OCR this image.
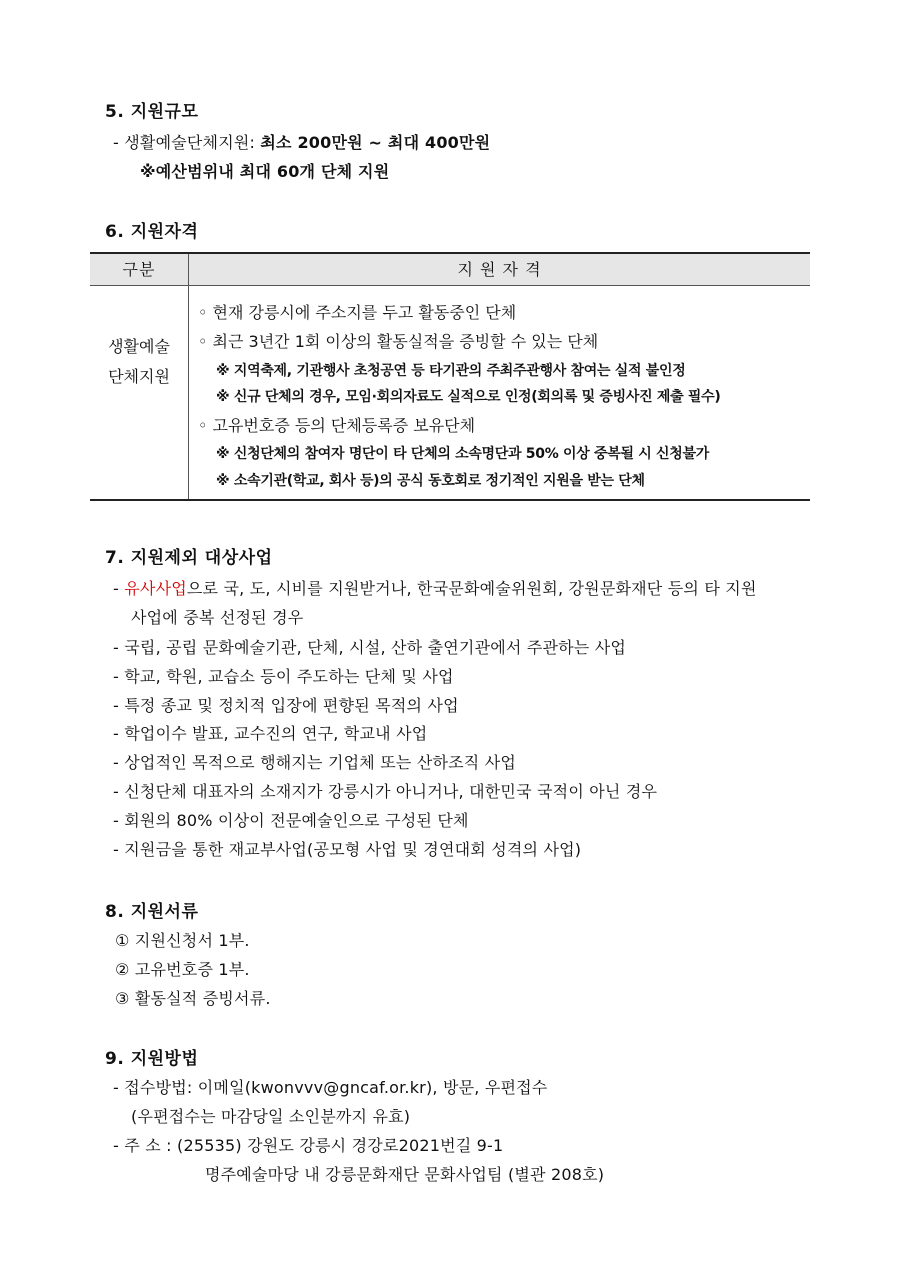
5. 지원규모
- 생활예술단체지원: 최소 200만원 ~ 최대 400만원
※예산범위내 최대 60개 단체 지원
6. 지원자격
구분	지 원 자 격
생활예술
단체지원
◦ 현재 강릉시에 주소지를 두고 활동중인 단체
◦ 최근 3년간 1회 이상의 활동실적을 증빙할 수 있는 단체
※ 지역축제, 기관행사 초청공연 등 타기관의 주최주관행사 참여는 실적 불인정
※ 신규 단체의 경우, 모임·회의자료도 실적으로 인정(회의록 및 증빙사진 제출 필수)
◦ 고유번호증 등의 단체등록증 보유단체
※ 신청단체의 참여자 명단이 타 단체의 소속명단과 50% 이상 중복될 시 신청불가
※ 소속기관(학교, 회사 등)의 공식 동호회로 정기적인 지원을 받는 단체
7. 지원제외 대상사업
- 유사사업으로 국, 도, 시비를 지원받거나, 한국문화예술위원회, 강원문화재단 등의 타 지원
사업에 중복 선정된 경우
- 국립, 공립 문화예술기관, 단체, 시설, 산하 출연기관에서 주관하는 사업
- 학교, 학원, 교습소 등이 주도하는 단체 및 사업
- 특정 종교 및 정치적 입장에 편향된 목적의 사업
- 학업이수 발표, 교수진의 연구, 학교내 사업
- 상업적인 목적으로 행해지는 기업체 또는 산하조직 사업
- 신청단체 대표자의 소재지가 강릉시가 아니거나, 대한민국 국적이 아닌 경우
- 회원의 80% 이상이 전문예술인으로 구성된 단체
- 지원금을 통한 재교부사업(공모형 사업 및 경연대회 성격의 사업)
8. 지원서류
① 지원신청서 1부.
② 고유번호증 1부.
③ 활동실적 증빙서류.
9. 지원방법
- 접수방법: 이메일(kwonvvv@gncaf.or.kr), 방문, 우편접수
(우편접수는 마감당일 소인분까지 유효)
- 주 소 : (25535) 강원도 강릉시 경강로2021번길 9-1
명주예술마당 내 강릉문화재단 문화사업팀 (별관 208호)
